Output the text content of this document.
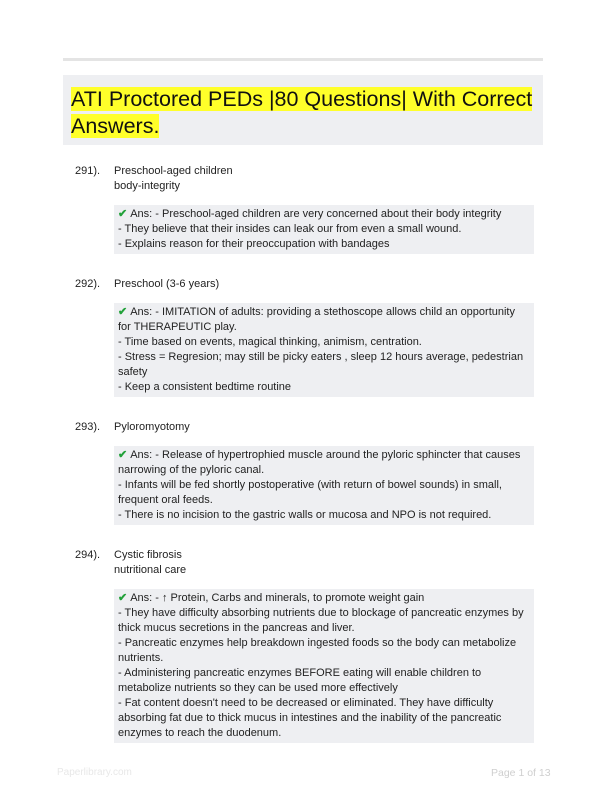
ATI Proctored PEDs |80 Questions| With Correct Answers.
291). Preschool-aged children
body-integrity
✔ Ans: - Preschool-aged children are very concerned about their body integrity
- They believe that their insides can leak our from even a small wound.
- Explains reason for their preoccupation with bandages
292). Preschool (3-6 years)
✔ Ans: - IMITATION of adults: providing a stethoscope allows child an opportunity for THERAPEUTIC play.
- Time based on events, magical thinking, animism, centration.
- Stress = Regresion; may still be picky eaters , sleep 12 hours average, pedestrian safety
- Keep a consistent bedtime routine
293). Pyloromyotomy
✔ Ans: - Release of hypertrophied muscle around the pyloric sphincter that causes narrowing of the pyloric canal.
- Infants will be fed shortly postoperative (with return of bowel sounds) in small, frequent oral feeds.
- There is no incision to the gastric walls or mucosa and NPO is not required.
294). Cystic fibrosis
nutritional care
✔ Ans: - ↑ Protein, Carbs and minerals, to promote weight gain
- They have difficulty absorbing nutrients due to blockage of pancreatic enzymes by thick mucus secretions in the pancreas and liver.
- Pancreatic enzymes help breakdown ingested foods so the body can metabolize nutrients.
- Administering pancreatic enzymes BEFORE eating will enable children to metabolize nutrients so they can be used more effectively
- Fat content doesn't need to be decreased or eliminated. They have difficulty absorbing fat due to thick mucus in intestines and the inability of the pancreatic enzymes to reach the duodenum.
Paperlibrary.com	Page 1 of 13
